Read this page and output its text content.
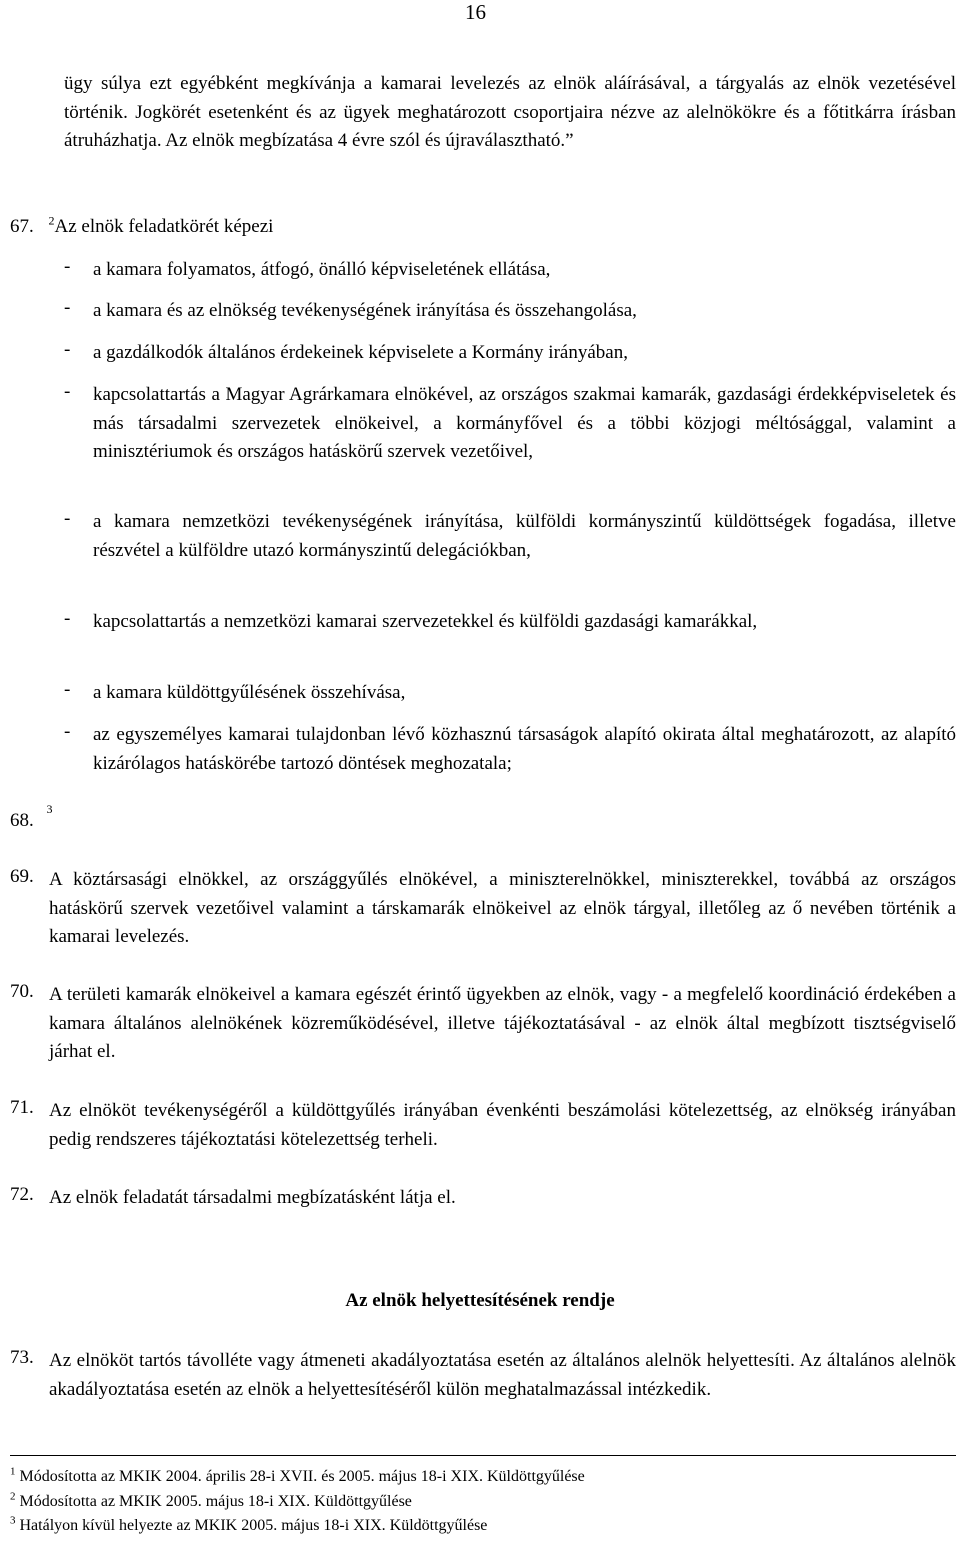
16
ügy súlya ezt egyébként megkívánja a kamarai levelezés az elnök aláírásával, a tárgyalás az elnök vezetésével történik. Jogkörét esetenként és az ügyek meghatározott csoportjaira nézve az alelnökökre és a főtitkárra írásban átruházhatja. Az elnök megbízatása 4 évre szól és újraválasztható.”
67. $^2$Az elnök feladatkörét képezi
- a kamara folyamatos, átfogó, önálló képviseletének ellátása,
- a kamara és az elnökség tevékenységének irányítása és összehangolása,
- a gazdálkodók általános érdekeinek képviselete a Kormány irányában,
- kapcsolattartás a Magyar Agrárkamara elnökével, az országos szakmai kamarák, gazdasági érdekképviseletek és más társadalmi szervezetek elnökeivel, a kormányfővel és a többi közjogi méltósággal, valamint a minisztériumok és országos hatáskörű szervek vezetőivel,
- a kamara nemzetközi tevékenységének irányítása, külföldi kormányszintű küldöttségek fogadása, illetve részvétel a külföldre utazó kormányszintű delegációkban,
- kapcsolattartás a nemzetközi kamarai szervezetekkel és külföldi gazdasági kamarákkal,
- a kamara küldöttgyűlésének összehívása,
- az egyszemélyes kamarai tulajdonban lévő közhasznú társaságok alapító okirata által meghatározott, az alapító kizárólagos hatáskörébe tartozó döntések meghozatala;
68. $^3$
69. A köztársasági elnökkel, az országgyűlés elnökével, a miniszterelnökkel, miniszterekkel, továbbá az országos hatáskörű szervek vezetőivel valamint a társkamarák elnökeivel az elnök tárgyal, illetőleg az ő nevében történik a kamarai levelezés.
70. A területi kamarák elnökeivel a kamara egészét érintő ügyekben az elnök, vagy - a megfelelő koordináció érdekében a kamara általános alelnökének közreműködésével, illetve tájékoztatásával - az elnök által megbízott tisztségviselő járhat el.
71. Az elnököt tevékenységéről a küldöttgyűlés irányában évenkénti beszámolási kötelezettség, az elnökség irányában pedig rendszeres tájékoztatási kötelezettség terheli.
72. Az elnök feladatát társadalmi megbízatásként látja el.
Az elnök helyettesítésének rendje
73. Az elnököt tartós távolléte vagy átmeneti akadályoztatása esetén az általános alelnök helyettesíti. Az általános alelnök akadályoztatása esetén az elnök a helyettesítéséről külön meghatalmazással intézkedik.
$^1$ Módosította az MKIK 2004. április 28-i XVII. és 2005. május 18-i XIX. Küldöttgyűlése
$^2$ Módosította az MKIK 2005. május 18-i XIX. Küldöttgyűlése
$^3$ Hatályon kívül helyezte az MKIK 2005. május 18-i XIX. Küldöttgyűlése
